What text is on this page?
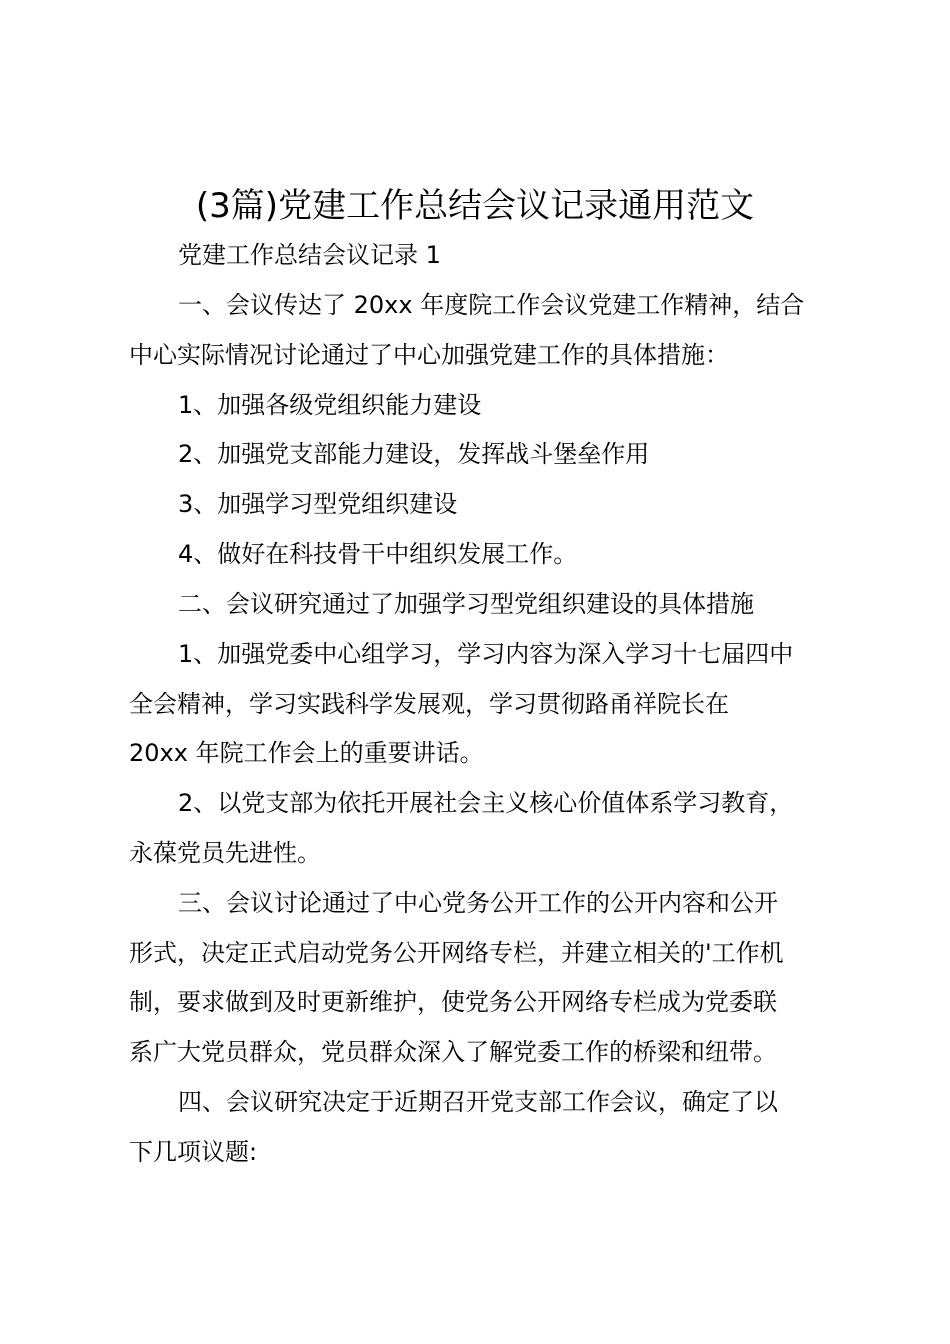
(3篇)党建工作总结会议记录通用范文
党建工作总结会议记录 1
一、会议传达了 20xx 年度院工作会议党建工作精神，结合
中心实际情况讨论通过了中心加强党建工作的具体措施：
1、加强各级党组织能力建设
2、加强党支部能力建设，发挥战斗堡垒作用
3、加强学习型党组织建设
4、做好在科技骨干中组织发展工作。
二、会议研究通过了加强学习型党组织建设的具体措施
1、加强党委中心组学习，学习内容为深入学习十七届四中
全会精神，学习实践科学发展观，学习贯彻路甬祥院长在
20xx 年院工作会上的重要讲话。
2、以党支部为依托开展社会主义核心价值体系学习教育，
永葆党员先进性。
三、会议讨论通过了中心党务公开工作的公开内容和公开
形式，决定正式启动党务公开网络专栏，并建立相关的'工作机
制，要求做到及时更新维护，使党务公开网络专栏成为党委联
系广大党员群众，党员群众深入了解党委工作的桥梁和纽带。
四、会议研究决定于近期召开党支部工作会议，确定了以
下几项议题:
